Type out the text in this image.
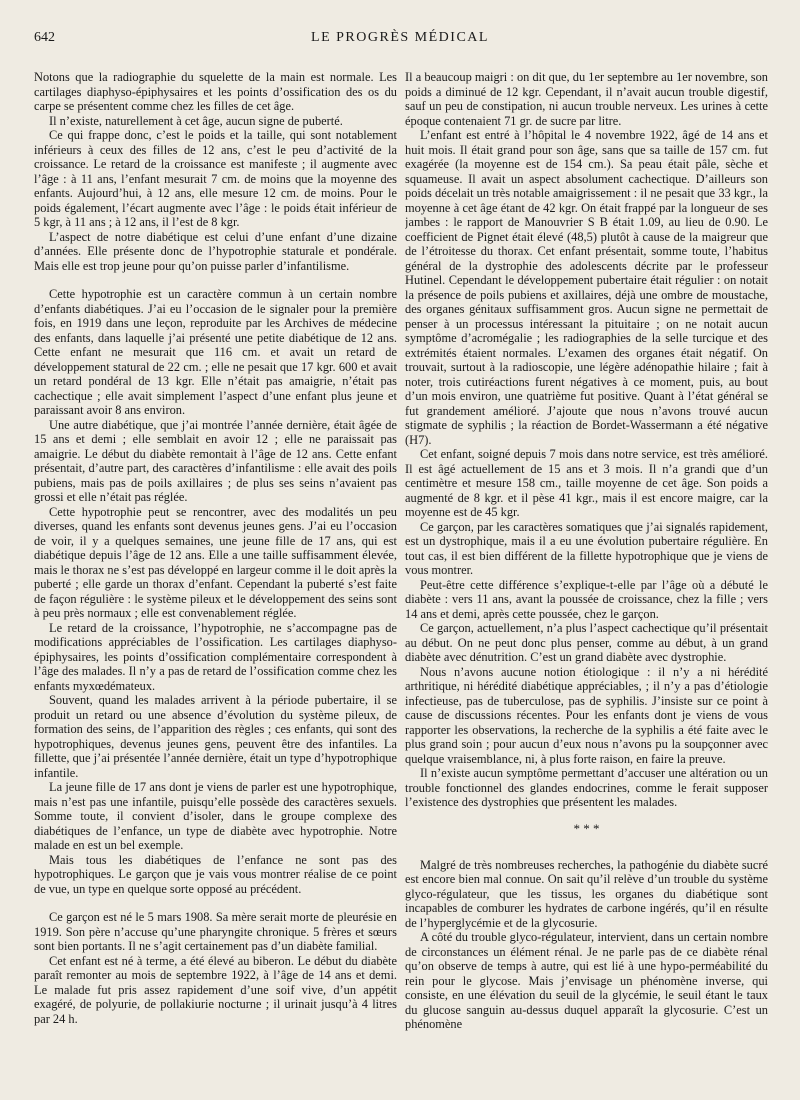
642	LE PROGRÈS MÉDICAL

Notons que la radiographie du squelette de la main est normale. Les cartilages diaphyso-épiphysaires et les points d’ossification des os du carpe se présentent comme chez les filles de cet âge.

Il n’existe, naturellement à cet âge, aucun signe de puberté.

Ce qui frappe donc, c’est le poids et la taille, qui sont notablement inférieurs à ceux des filles de 12 ans, c’est le peu d’activité de la croissance. Le retard de la croissance est manifeste ; il augmente avec l’âge : à 11 ans, l’enfant mesurait 7 cm. de moins que la moyenne des enfants. Aujourd’hui, à 12 ans, elle mesure 12 cm. de moins. Pour le poids également, l’écart augmente avec l’âge : le poids était inférieur de 5 kgr, à 11 ans ; à 12 ans, il l’est de 8 kgr.

L’aspect de notre diabétique est celui d’une enfant d’une dizaine d’années. Elle présente donc de l’hypotrophie staturale et pondérale. Mais elle est trop jeune pour qu’on puisse parler d’infantilisme.

Cette hypotrophie est un caractère commun à un certain nombre d’enfants diabétiques. J’ai eu l’occasion de le signaler pour la première fois, en 1919 dans une leçon, reproduite par les Archives de médecine des enfants, dans laquelle j’ai présenté une petite diabétique de 12 ans. Cette enfant ne mesurait que 116 cm. et avait un retard de développement statural de 22 cm. ; elle ne pesait que 17 kgr. 600 et avait un retard pondéral de 13 kgr. Elle n’était pas amaigrie, n’était pas cachectique ; elle avait simplement l’aspect d’une enfant plus jeune et paraissant avoir 8 ans environ.

Une autre diabétique, que j’ai montrée l’année dernière, était âgée de 15 ans et demi ; elle semblait en avoir 12 ; elle ne paraissait pas amaigrie. Le début du diabète remontait à l’âge de 12 ans. Cette enfant présentait, d’autre part, des caractères d’infantilisme : elle avait des poils pubiens, mais pas de poils axillaires ; de plus ses seins n’avaient pas grossi et elle n’était pas réglée.

Cette hypotrophie peut se rencontrer, avec des modalités un peu diverses, quand les enfants sont devenus jeunes gens. J’ai eu l’occasion de voir, il y a quelques semaines, une jeune fille de 17 ans, qui est diabétique depuis l’âge de 12 ans. Elle a une taille suffisamment élevée, mais le thorax ne s’est pas développé en largeur comme il le doit après la puberté ; elle garde un thorax d’enfant. Cependant la puberté s’est faite de façon régulière : le système pileux et le développement des seins sont à peu près normaux ; elle est convenablement réglée.

Le retard de la croissance, l’hypotrophie, ne s’accompagne pas de modifications appréciables de l’ossification. Les cartilages diaphyso-épiphysaires, les points d’ossification complémentaire correspondent à l’âge des malades. Il n’y a pas de retard de l’ossification comme chez les enfants myxœdémateux.

Souvent, quand les malades arrivent à la période pubertaire, il se produit un retard ou une absence d’évolution du système pileux, de formation des seins, de l’apparition des règles ; ces enfants, qui sont des hypotrophiques, devenus jeunes gens, peuvent être des infantiles. La fillette, que j’ai présentée l’année dernière, était un type d’hypotrophique infantile.

La jeune fille de 17 ans dont je viens de parler est une hypotrophique, mais n’est pas une infantile, puisqu’elle possède des caractères sexuels. Somme toute, il convient d’isoler, dans le groupe complexe des diabétiques de l’enfance, un type de diabète avec hypotrophie. Notre malade en est un bel exemple.

Mais tous les diabétiques de l’enfance ne sont pas des hypotrophiques. Le garçon que je vais vous montrer réalise de ce point de vue, un type en quelque sorte opposé au précédent.

Ce garçon est né le 5 mars 1908. Sa mère serait morte de pleurésie en 1919. Son père n’accuse qu’une pharyngite chronique. 5 frères et sœurs sont bien portants. Il ne s’agit certainement pas d’un diabète familial.

Cet enfant est né à terme, a été élevé au biberon. Le début du diabète paraît remonter au mois de septembre 1922, à l’âge de 14 ans et demi. Le malade fut pris assez rapidement d’une soif vive, d’un appétit exagéré, de polyurie, de pollakiurie nocturne ; il urinait jusqu’à 4 litres par 24 h.

Il a beaucoup maigri : on dit que, du 1er septembre au 1er novembre, son poids a diminué de 12 kgr. Cependant, il n’avait aucun trouble digestif, sauf un peu de constipation, ni aucun trouble nerveux. Les urines à cette époque contenaient 71 gr. de sucre par litre.

L’enfant est entré à l’hôpital le 4 novembre 1922, âgé de 14 ans et huit mois. Il était grand pour son âge, sans que sa taille de 157 cm. fut exagérée (la moyenne est de 154 cm.). Sa peau était pâle, sèche et squameuse. Il avait un aspect absolument cachectique. D’ailleurs son poids décelait un très notable amaigrissement : il ne pesait que 33 kgr., la moyenne à cet âge étant de 42 kgr. On était frappé par la longueur de ses jambes : le rapport de Manouvrier S B était 1.09, au lieu de 0.90. Le coefficient de Pignet était élevé (48,5) plutôt à cause de la maigreur que de l’étroitesse du thorax. Cet enfant présentait, somme toute, l’habitus général de la dystrophie des adolescents décrite par le professeur Hutinel. Cependant le développement pubertaire était régulier : on notait la présence de poils pubiens et axillaires, déjà une ombre de moustache, des organes génitaux suffisamment gros. Aucun signe ne permettait de penser à un processus intéressant la pituitaire ; on ne notait aucun symptôme d’acromégalie ; les radiographies de la selle turcique et des extrémités étaient normales. L’examen des organes était négatif. On trouvait, surtout à la radioscopie, une légère adénopathie hilaire ; fait à noter, trois cutiréactions furent négatives à ce moment, puis, au bout d’un mois environ, une quatrième fut positive. Quant à l’état général se fut grandement amélioré. J’ajoute que nous n’avons trouvé aucun stigmate de syphilis ; la réaction de Bordet-Wassermann a été négative (H7).

Cet enfant, soigné depuis 7 mois dans notre service, est très amélioré. Il est âgé actuellement de 15 ans et 3 mois. Il n’a grandi que d’un centimètre et mesure 158 cm., taille moyenne de cet âge. Son poids a augmenté de 8 kgr. et il pèse 41 kgr., mais il est encore maigre, car la moyenne est de 45 kgr.

Ce garçon, par les caractères somatiques que j’ai signalés rapidement, est un dystrophique, mais il a eu une évolution pubertaire régulière. En tout cas, il est bien différent de la fillette hypotrophique que je viens de vous montrer.

Peut-être cette différence s’explique-t-elle par l’âge où a débuté le diabète : vers 11 ans, avant la poussée de croissance, chez la fille ; vers 14 ans et demi, après cette poussée, chez le garçon.

Ce garçon, actuellement, n’a plus l’aspect cachectique qu’il présentait au début. On ne peut donc plus penser, comme au début, à un grand diabète avec dénutrition. C’est un grand diabète avec dystrophie.

Nous n’avons aucune notion étiologique : il n’y a ni hérédité arthritique, ni hérédité diabétique appréciables, ; il n’y a pas d’étiologie infectieuse, pas de tuberculose, pas de syphilis. J’insiste sur ce point à cause de discussions récentes. Pour les enfants dont je viens de vous rapporter les observations, la recherche de la syphilis a été faite avec le plus grand soin ; pour aucun d’eux nous n’avons pu la soupçonner avec quelque vraisemblance, ni, à plus forte raison, en faire la preuve.

Il n’existe aucun symptôme permettant d’accuser une altération ou un trouble fonctionnel des glandes endocrines, comme le ferait supposer l’existence des dystrophies que présentent les malades.

* * *

Malgré de très nombreuses recherches, la pathogénie du diabète sucré est encore bien mal connue. On sait qu’il relève d’un trouble du système glyco-régulateur, que les tissus, les organes du diabétique sont incapables de comburer les hydrates de carbone ingérés, qu’il en résulte de l’hyperglycémie et de la glycosurie.

A côté du trouble glyco-régulateur, intervient, dans un certain nombre de circonstances un élément rénal. Je ne parle pas de ce diabète rénal qu’on observe de temps à autre, qui est lié à une hypo-perméabilité du rein pour le glycose. Mais j’envisage un phénomène inverse, qui consiste, en une élévation du seuil de la glycémie, le seuil étant le taux du glucose sanguin au-dessus duquel apparaît la glycosurie. C’est un phénomène
